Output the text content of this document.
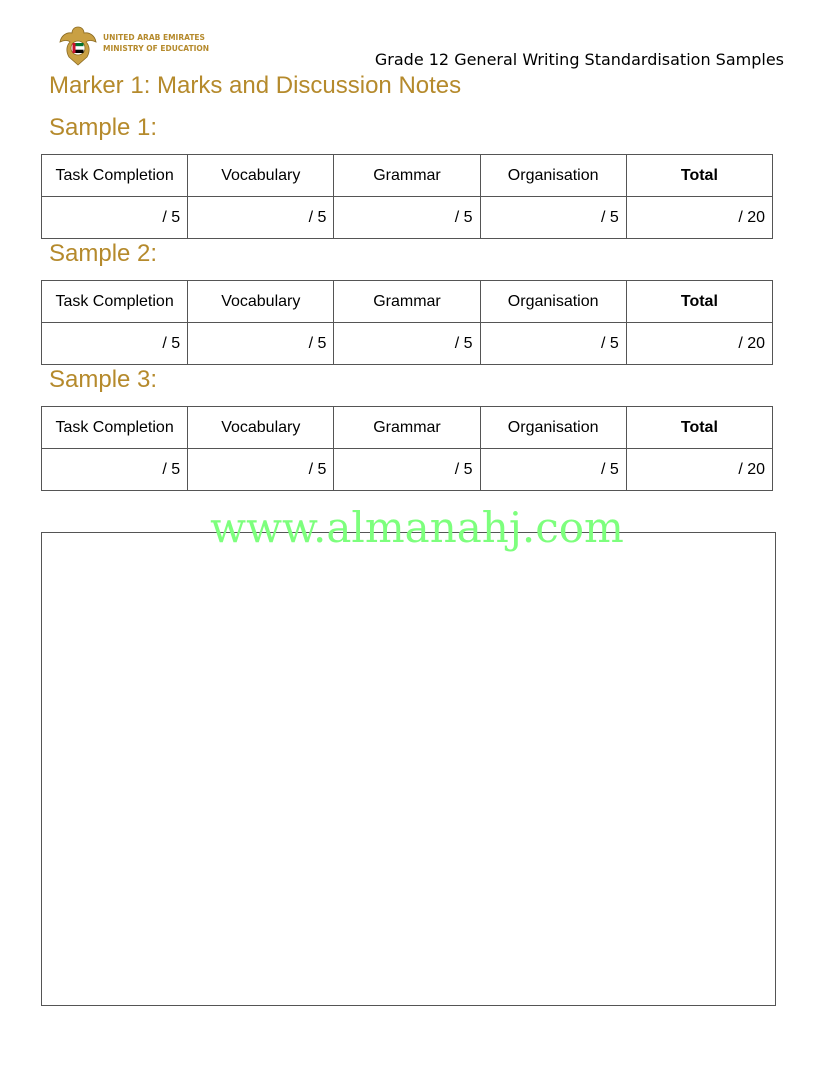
UNITED ARAB EMIRATES
MINISTRY OF EDUCATION
Grade 12 General Writing Standardisation Samples
Marker 1: Marks and Discussion Notes
Sample 1:
Task Completion	Vocabulary	Grammar	Organisation	Total
/ 5	/ 5	/ 5	/ 5	/ 20
Sample 2:
Task Completion	Vocabulary	Grammar	Organisation	Total
/ 5	/ 5	/ 5	/ 5	/ 20
Sample 3:
Task Completion	Vocabulary	Grammar	Organisation	Total
/ 5	/ 5	/ 5	/ 5	/ 20
www.almanahj.com
